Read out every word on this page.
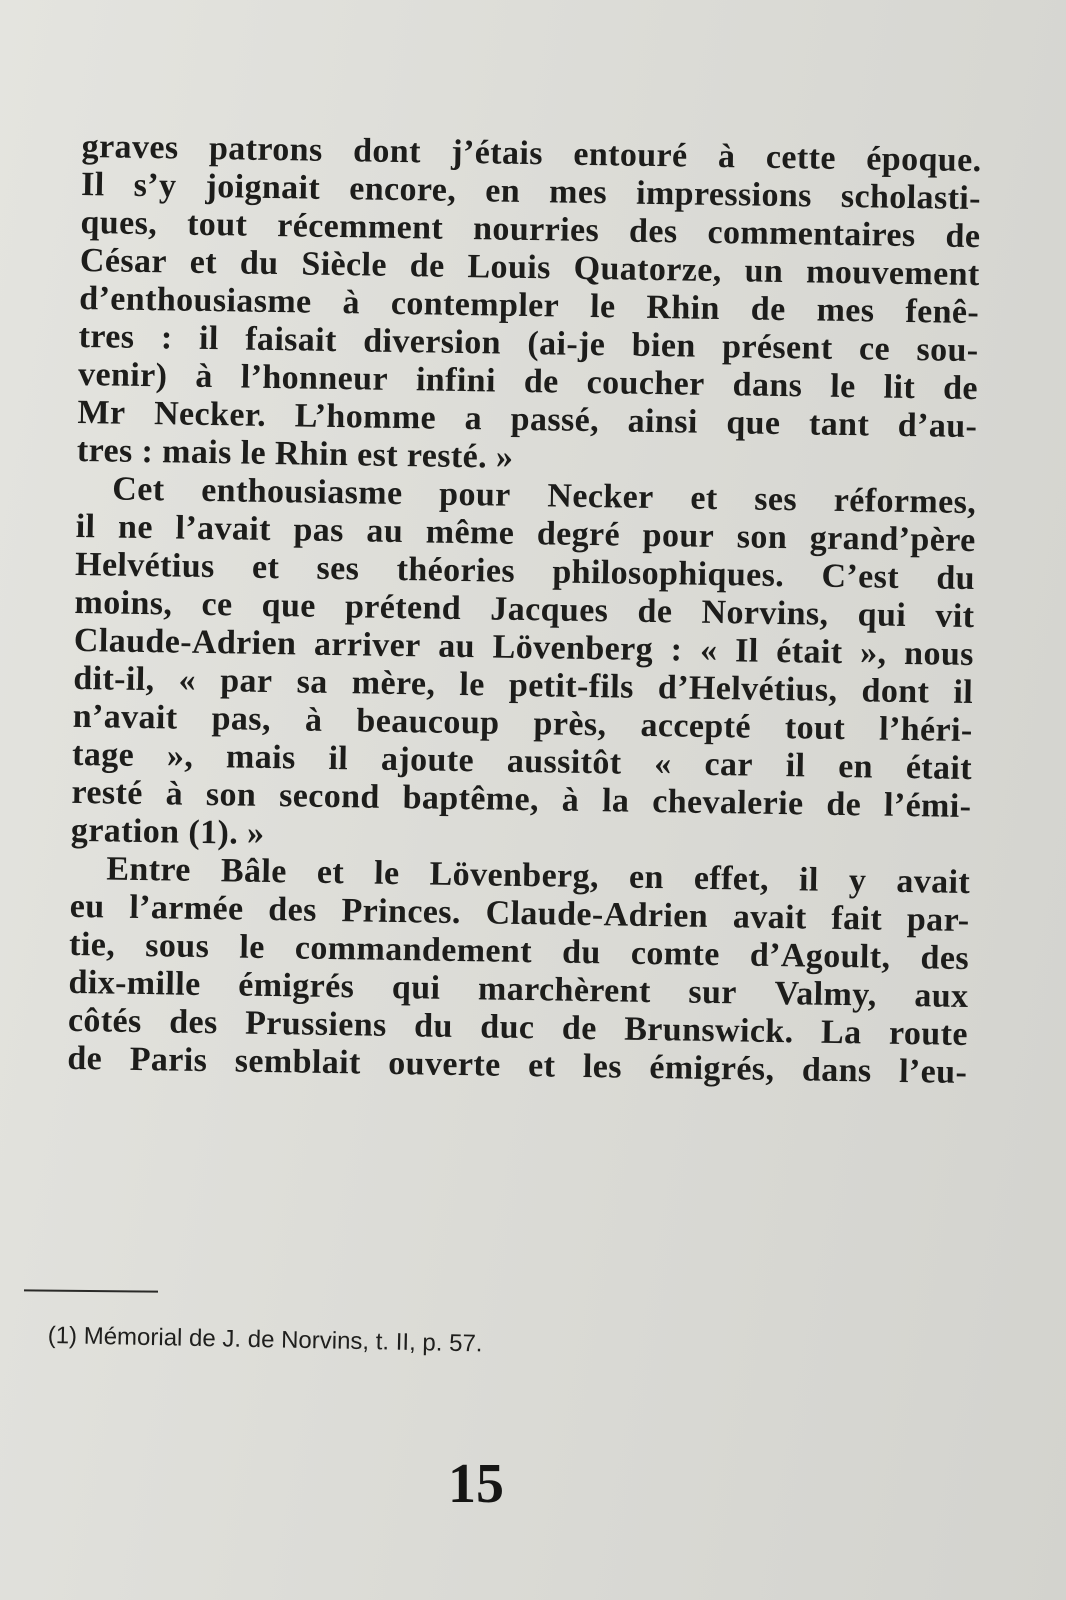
graves patrons dont j’étais entouré à cette époque.
Il s’y joignait encore, en mes impressions scholasti-
ques, tout récemment nourries des commentaires de
César et du Siècle de Louis Quatorze, un mouvement
d’enthousiasme à contempler le Rhin de mes fenê-
tres : il faisait diversion (ai-je bien présent ce sou-
venir) à l’honneur infini de coucher dans le lit de
Mr Necker. L’homme a passé, ainsi que tant d’au-
tres : mais le Rhin est resté. »
Cet enthousiasme pour Necker et ses réformes,
il ne l’avait pas au même degré pour son grand’père
Helvétius et ses théories philosophiques. C’est du
moins, ce que prétend Jacques de Norvins, qui vit
Claude-Adrien arriver au Lövenberg : « Il était », nous
dit-il, « par sa mère, le petit-fils d’Helvétius, dont il
n’avait pas, à beaucoup près, accepté tout l’héri-
tage », mais il ajoute aussitôt « car il en était
resté à son second baptême, à la chevalerie de l’émi-
gration (1). »
Entre Bâle et le Lövenberg, en effet, il y avait
eu l’armée des Princes. Claude-Adrien avait fait par-
tie, sous le commandement du comte d’Agoult, des
dix-mille émigrés qui marchèrent sur Valmy, aux
côtés des Prussiens du duc de Brunswick. La route
de Paris semblait ouverte et les émigrés, dans l’eu-
(1) Mémorial de J. de Norvins, t. II, p. 57.
15
